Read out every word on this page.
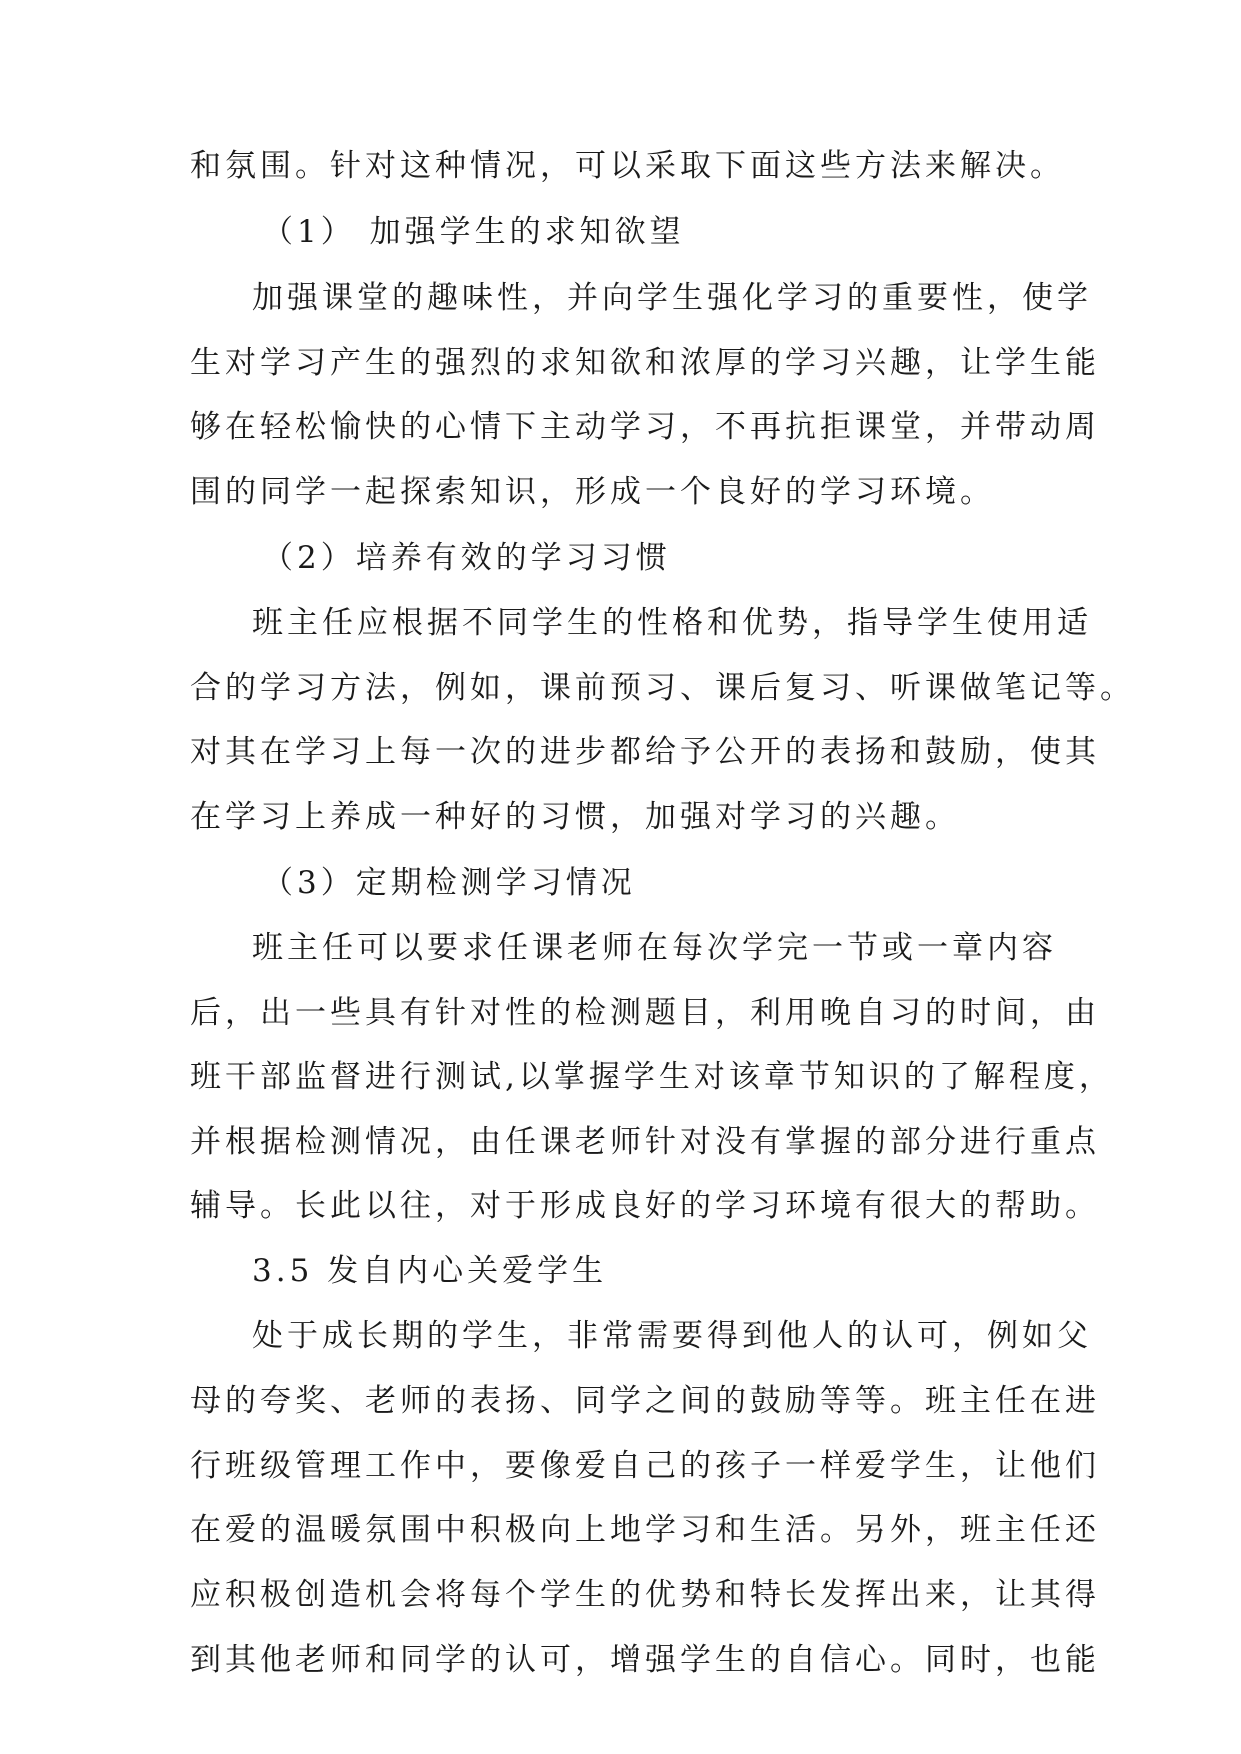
和氛围。针对这种情况，可以采取下面这些方法来解决。
（1） 加强学生的求知欲望
加强课堂的趣味性，并向学生强化学习的重要性，使学
生对学习产生的强烈的求知欲和浓厚的学习兴趣，让学生能
够在轻松愉快的心情下主动学习，不再抗拒课堂，并带动周
围的同学一起探索知识，形成一个良好的学习环境。
（2）培养有效的学习习惯
班主任应根据不同学生的性格和优势，指导学生使用适
合的学习方法，例如，课前预习、课后复习、听课做笔记等。
对其在学习上每一次的进步都给予公开的表扬和鼓励，使其
在学习上养成一种好的习惯，加强对学习的兴趣。
（3）定期检测学习情况
班主任可以要求任课老师在每次学完一节或一章内容
后，出一些具有针对性的检测题目，利用晚自习的时间，由
班干部监督进行测试,以掌握学生对该章节知识的了解程度，
并根据检测情况，由任课老师针对没有掌握的部分进行重点
辅导。长此以往，对于形成良好的学习环境有很大的帮助。
3.5 发自内心关爱学生
处于成长期的学生，非常需要得到他人的认可，例如父
母的夸奖、老师的表扬、同学之间的鼓励等等。班主任在进
行班级管理工作中，要像爱自己的孩子一样爱学生，让他们
在爱的温暖氛围中积极向上地学习和生活。另外，班主任还
应积极创造机会将每个学生的优势和特长发挥出来，让其得
到其他老师和同学的认可，增强学生的自信心。同时，也能
